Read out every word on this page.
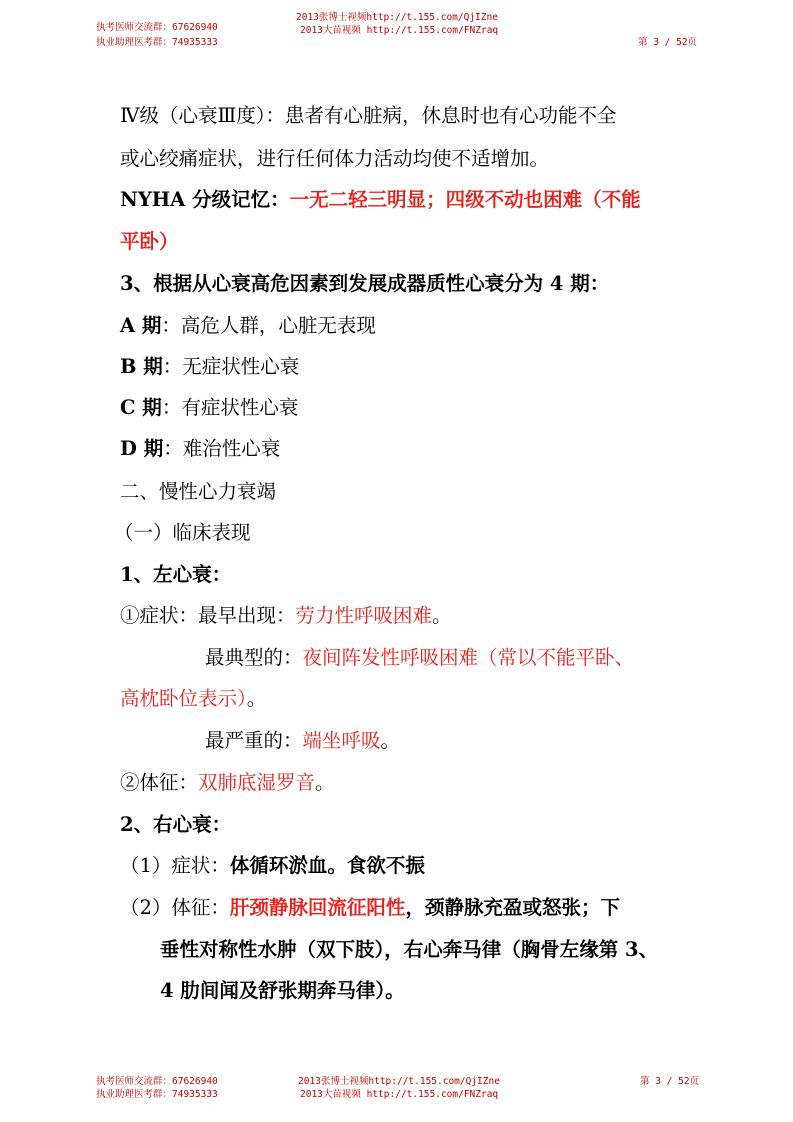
执考医师交流群：67626940
执业助理医考群：74935333
2013张博士视频http://t.155.com/QjIZne
2013大苗视频 http://t.155.com/FNZraq
第 3 / 52页
Ⅳ级（心衰Ⅲ度）：患者有心脏病，休息时也有心功能不全
或心绞痛症状，进行任何体力活动均使不适增加。
NYHA 分级记忆：一无二轻三明显；四级不动也困难（不能
平卧）
3、根据从心衰高危因素到发展成器质性心衰分为 4 期：
A 期：高危人群，心脏无表现
B 期：无症状性心衰
C 期：有症状性心衰
D 期：难治性心衰
二、慢性心力衰竭
（一）临床表现
1、左心衰：
①症状：最早出现：劳力性呼吸困难。
最典型的：夜间阵发性呼吸困难（常以不能平卧、
高枕卧位表示）。
最严重的：端坐呼吸。
②体征：双肺底湿罗音。
2、右心衰：
（1）症状：体循环淤血。食欲不振
（2）体征：肝颈静脉回流征阳性，颈静脉充盈或怒张；下
垂性对称性水肿（双下肢），右心奔马律（胸骨左缘第 3、
4 肋间闻及舒张期奔马律）。
执考医师交流群：67626940
执业助理医考群：74935333
2013张博士视频http://t.155.com/QjIZne
2013大苗视频 http://t.155.com/FNZraq
第 3 / 52页
